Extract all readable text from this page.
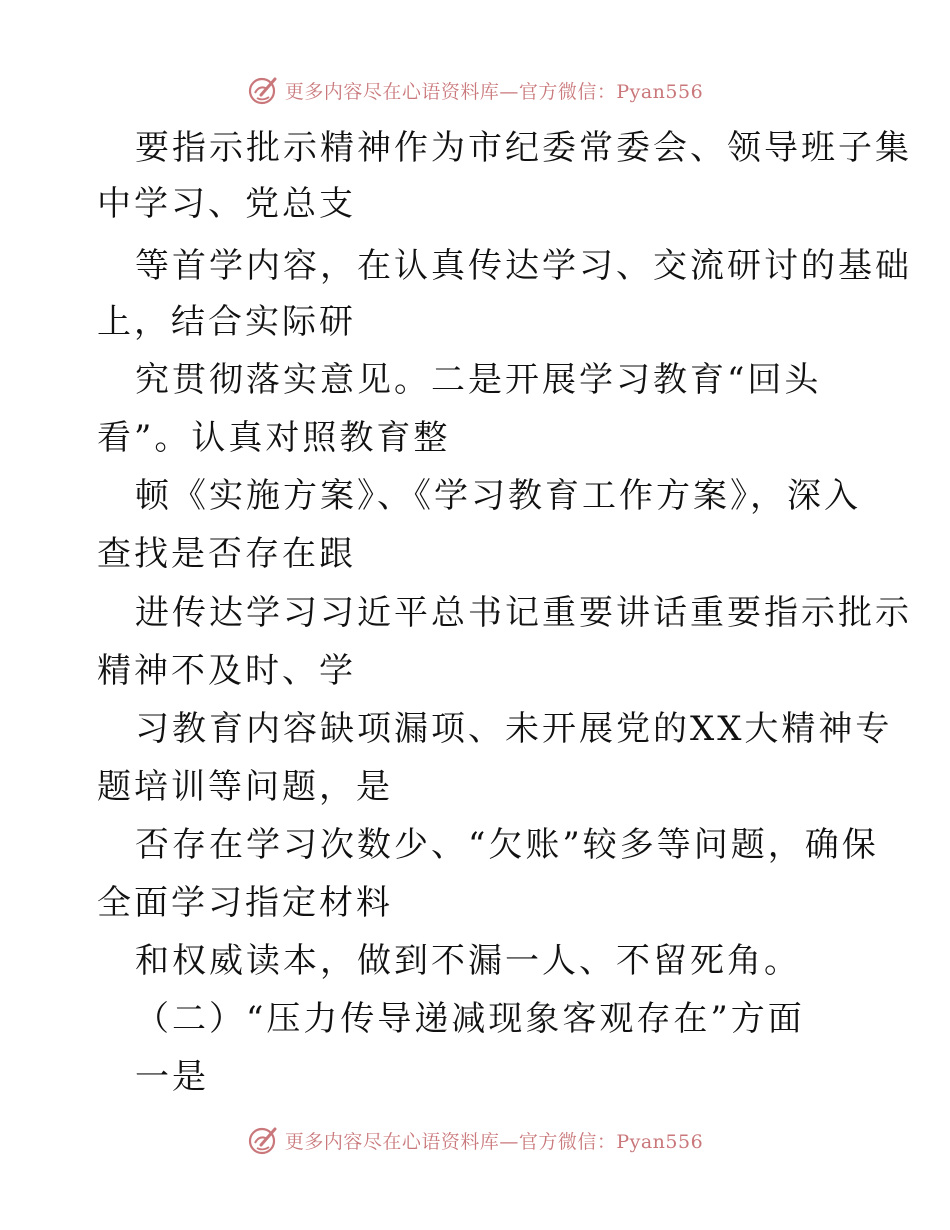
更多内容尽在心语资料库—官方微信：Pyan556
要指示批示精神作为市纪委常委会、领导班子集
中学习、党总支
等首学内容，在认真传达学习、交流研讨的基础
上，结合实际研
究贯彻落实意见。二是开展学习教育“回头
看”。认真对照教育整
顿《实施方案》、《学习教育工作方案》，深入
查找是否存在跟
进传达学习习近平总书记重要讲话重要指示批示
精神不及时、学
习教育内容缺项漏项、未开展党的XX大精神专
题培训等问题，是
否存在学习次数少、“欠账”较多等问题，确保
全面学习指定材料
和权威读本，做到不漏一人、不留死角。
（二）“压力传导递减现象客观存在”方面
一是
更多内容尽在心语资料库—官方微信：Pyan556
